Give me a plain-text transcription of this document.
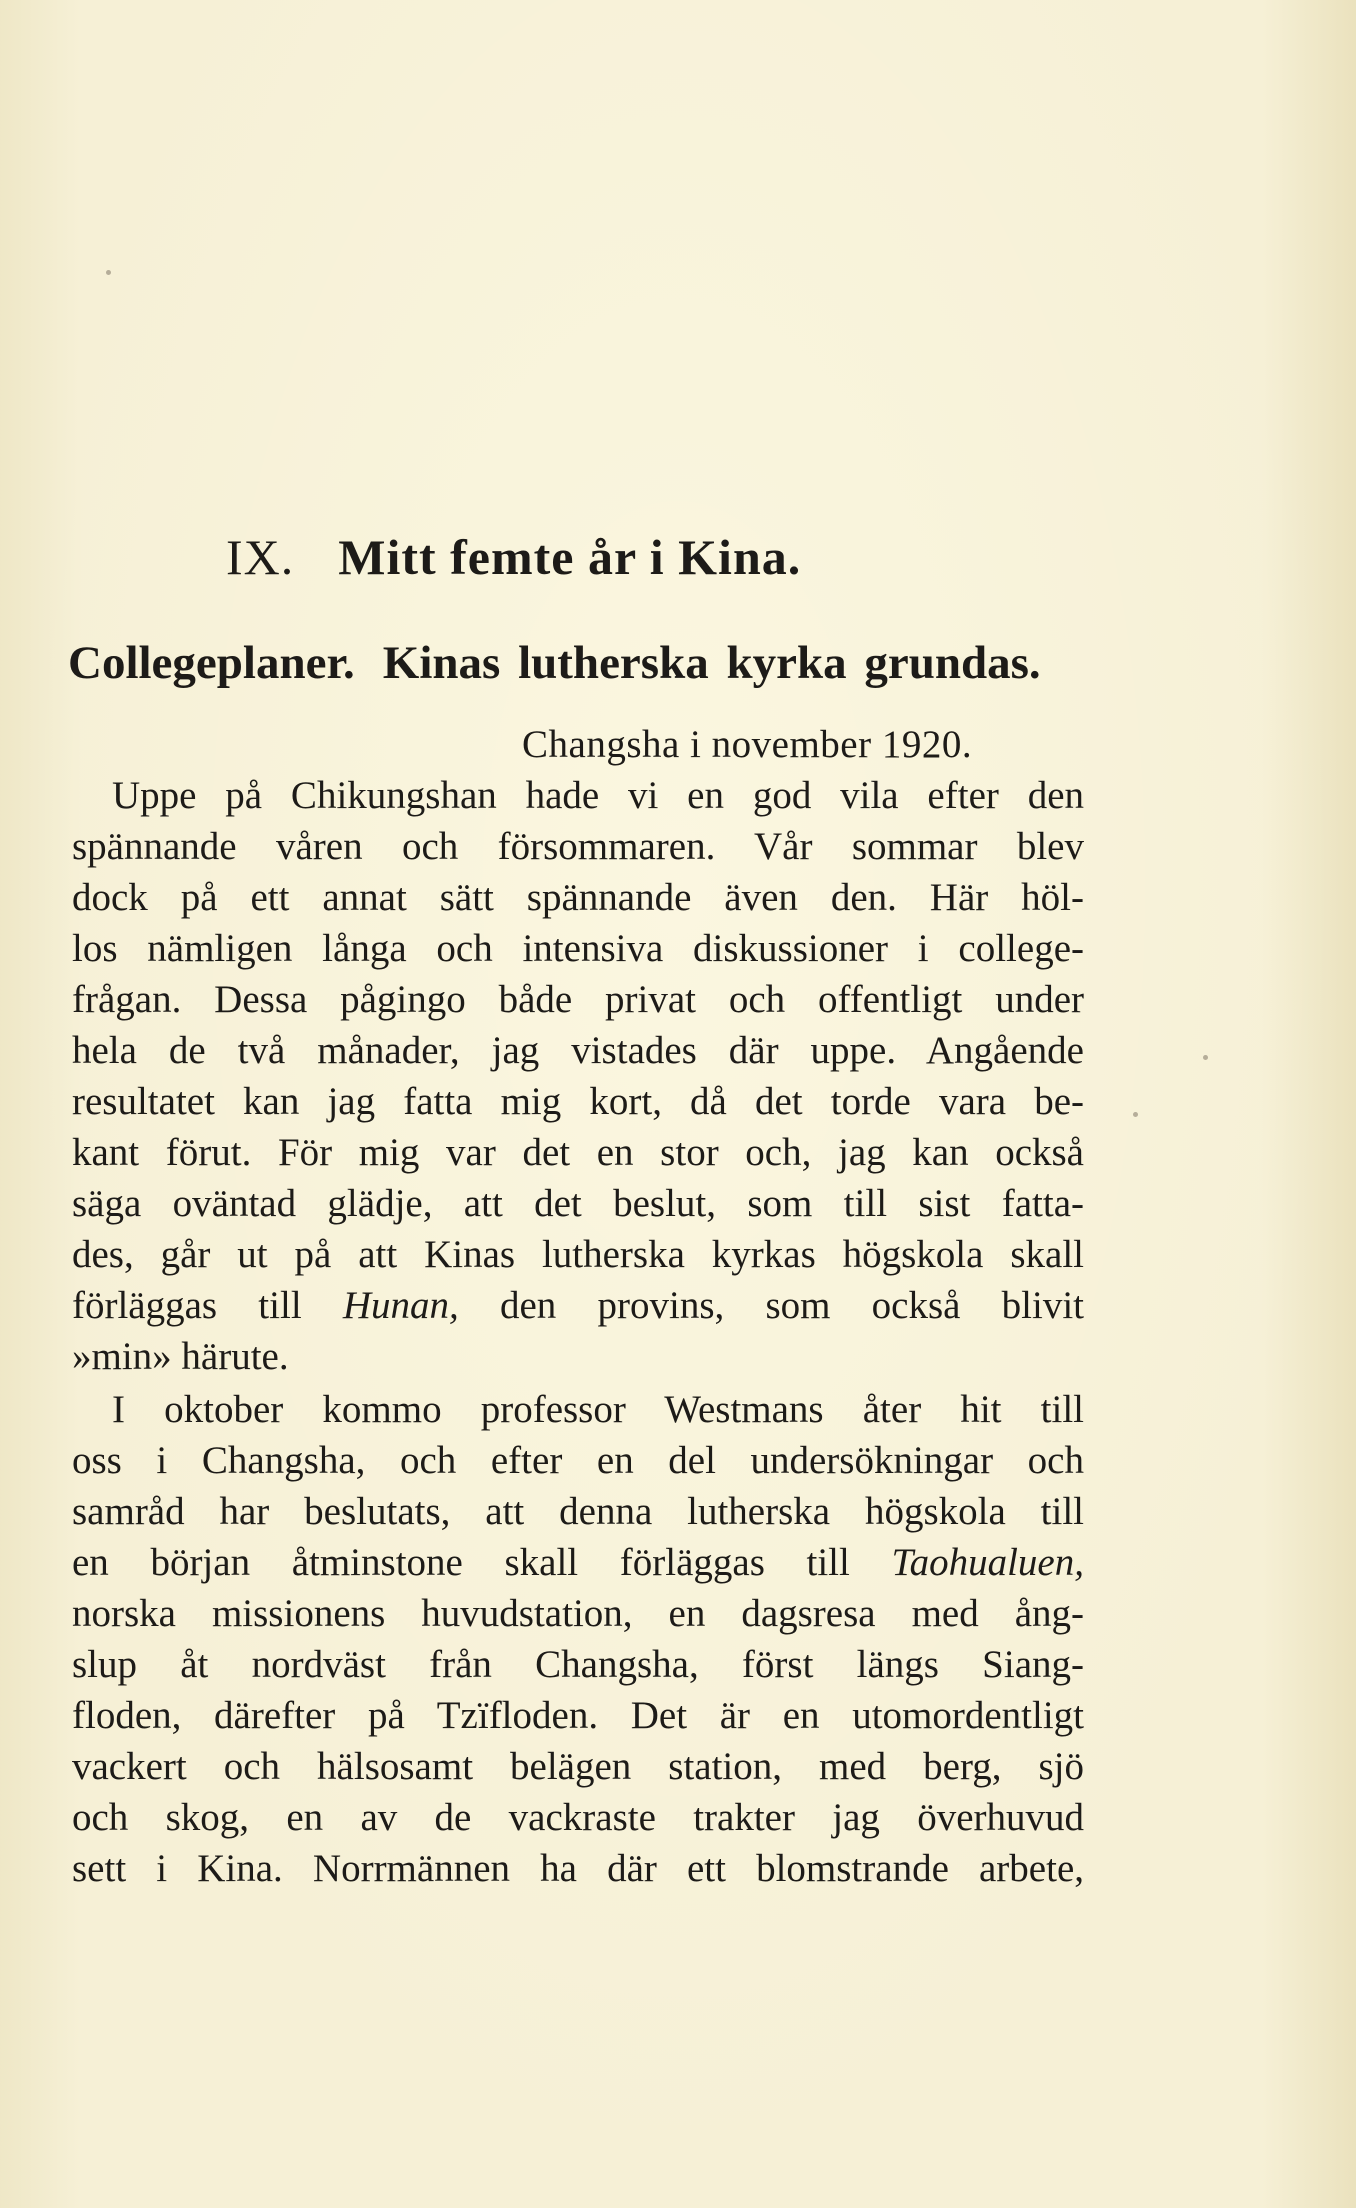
IX. Mitt femte år i Kina.
Collegeplaner. Kinas lutherska kyrka grundas.
Changsha i november 1920.
Uppe på Chikungshan hade vi en god vila efter den
spännande våren och försommaren. Vår sommar blev
dock på ett annat sätt spännande även den. Här höl-
los nämligen långa och intensiva diskussioner i college-
frågan. Dessa pågingo både privat och offentligt under
hela de två månader, jag vistades där uppe. Angående
resultatet kan jag fatta mig kort, då det torde vara be-
kant förut. För mig var det en stor och, jag kan också
säga oväntad glädje, att det beslut, som till sist fatta-
des, går ut på att Kinas lutherska kyrkas högskola skall
förläggas till Hunan, den provins, som också blivit
»min» härute.
I oktober kommo professor Westmans åter hit till
oss i Changsha, och efter en del undersökningar och
samråd har beslutats, att denna lutherska högskola till
en början åtminstone skall förläggas till Taohualuen,
norska missionens huvudstation, en dagsresa med ång-
slup åt nordväst från Changsha, först längs Siang-
floden, därefter på Tzïfloden. Det är en utomordentligt
vackert och hälsosamt belägen station, med berg, sjö
och skog, en av de vackraste trakter jag överhuvud
sett i Kina. Norrmännen ha där ett blomstrande arbete,
